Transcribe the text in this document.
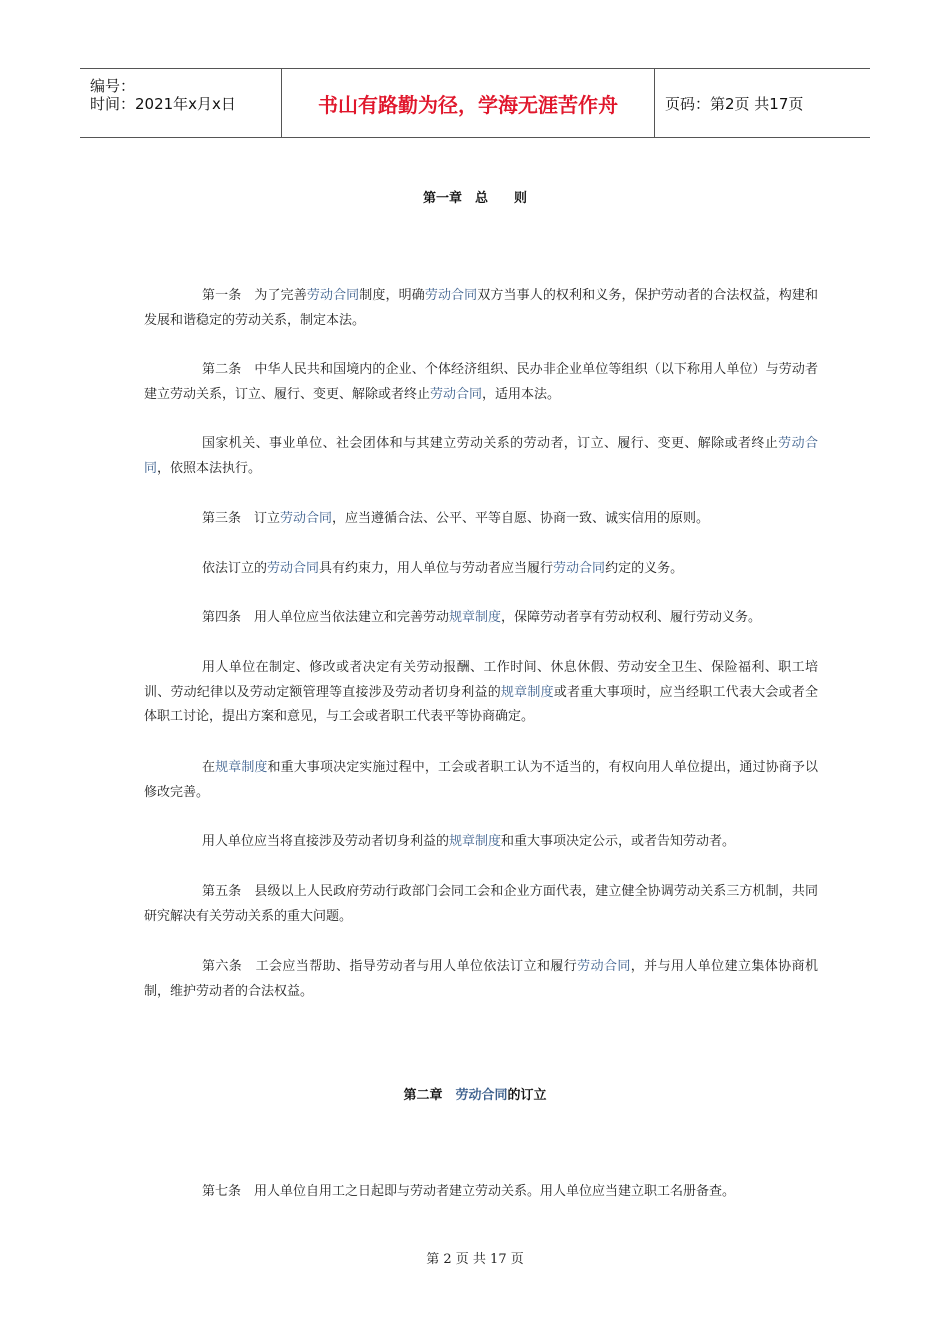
编号：
时间：2021年x月x日	书山有路勤为径，学海无涯苦作舟	页码：第2页 共17页
第一章　总　　则
第一条　为了完善劳动合同制度，明确劳动合同双方当事人的权利和义务，保护劳动者的合法权益，构建和发展和谐稳定的劳动关系，制定本法。
第二条　中华人民共和国境内的企业、个体经济组织、民办非企业单位等组织（以下称用人单位）与劳动者建立劳动关系，订立、履行、变更、解除或者终止劳动合同，适用本法。
国家机关、事业单位、社会团体和与其建立劳动关系的劳动者，订立、履行、变更、解除或者终止劳动合同，依照本法执行。
第三条　订立劳动合同，应当遵循合法、公平、平等自愿、协商一致、诚实信用的原则。
依法订立的劳动合同具有约束力，用人单位与劳动者应当履行劳动合同约定的义务。
第四条　用人单位应当依法建立和完善劳动规章制度，保障劳动者享有劳动权利、履行劳动义务。
用人单位在制定、修改或者决定有关劳动报酬、工作时间、休息休假、劳动安全卫生、保险福利、职工培训、劳动纪律以及劳动定额管理等直接涉及劳动者切身利益的规章制度或者重大事项时，应当经职工代表大会或者全体职工讨论，提出方案和意见，与工会或者职工代表平等协商确定。
在规章制度和重大事项决定实施过程中，工会或者职工认为不适当的，有权向用人单位提出，通过协商予以修改完善。
用人单位应当将直接涉及劳动者切身利益的规章制度和重大事项决定公示，或者告知劳动者。
第五条　县级以上人民政府劳动行政部门会同工会和企业方面代表，建立健全协调劳动关系三方机制，共同研究解决有关劳动关系的重大问题。
第六条　工会应当帮助、指导劳动者与用人单位依法订立和履行劳动合同，并与用人单位建立集体协商机制，维护劳动者的合法权益。
第二章　劳动合同的订立
第七条　用人单位自用工之日起即与劳动者建立劳动关系。用人单位应当建立职工名册备查。
第 2 页 共 17 页
